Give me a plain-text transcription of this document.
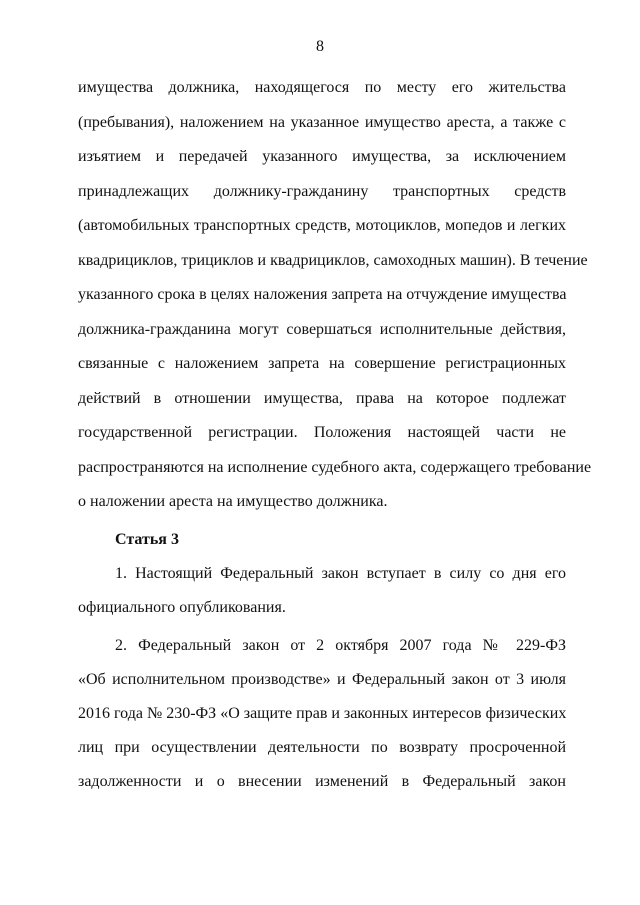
8
имущества должника, находящегося по месту его жительства
(пребывания), наложением на указанное имущество ареста, а также с
изъятием и передачей указанного имущества, за исключением
принадлежащих должнику-гражданину транспортных средств
(автомобильных транспортных средств, мотоциклов, мопедов и легких
квадрициклов, трициклов и квадрициклов, самоходных машин). В течение
указанного срока в целях наложения запрета на отчуждение имущества
должника-гражданина могут совершаться исполнительные действия,
связанные с наложением запрета на совершение регистрационных
действий в отношении имущества, права на которое подлежат
государственной регистрации. Положения настоящей части не
распространяются на исполнение судебного акта, содержащего требование
о наложении ареста на имущество должника.
Статья 3
1. Настоящий Федеральный закон вступает в силу со дня его
официального опубликования.
2. Федеральный закон от 2 октября 2007 года № 229-ФЗ
«Об исполнительном производстве» и Федеральный закон от 3 июля
2016 года № 230-ФЗ «О защите прав и законных интересов физических
лиц при осуществлении деятельности по возврату просроченной
задолженности и о внесении изменений в Федеральный закон
